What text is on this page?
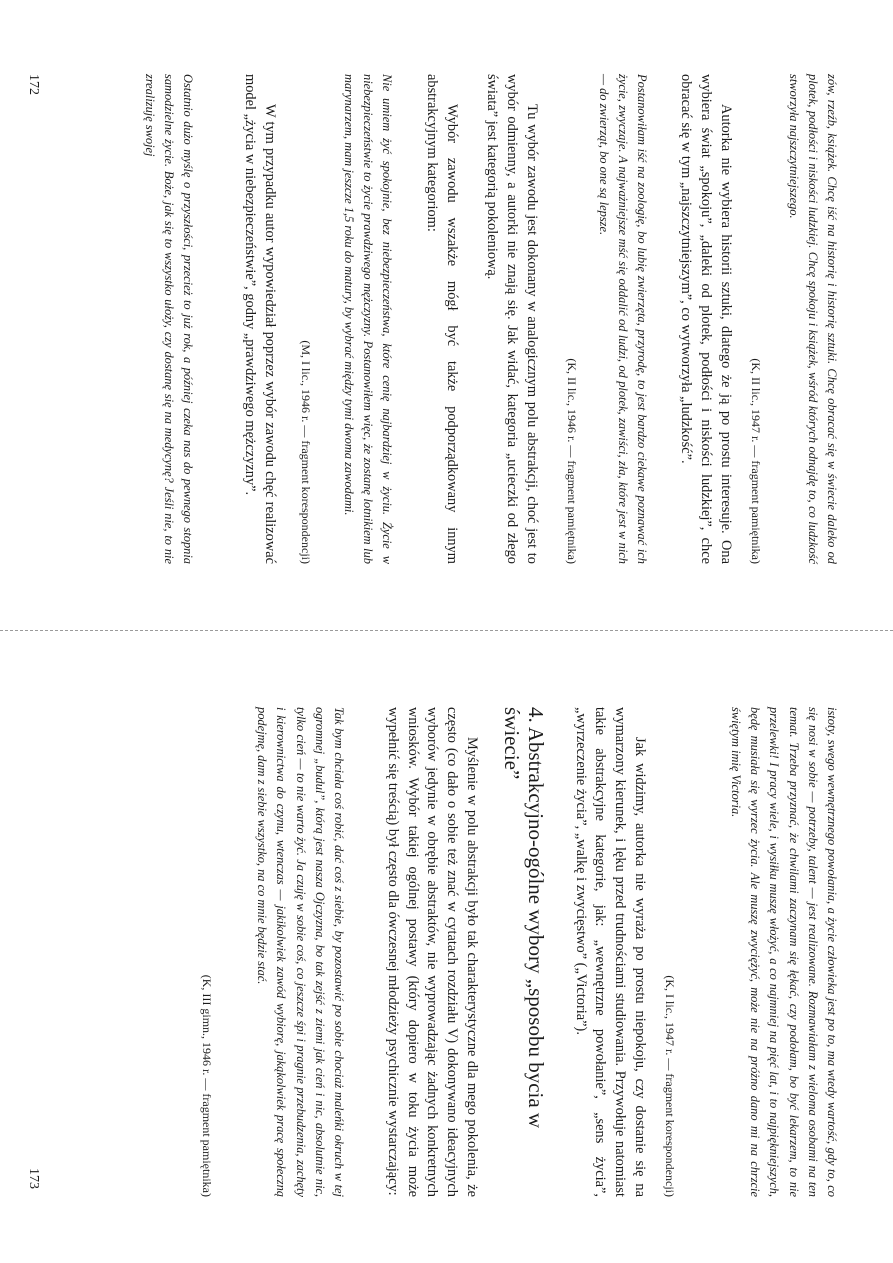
zów, rzeźb, książek. Chcę iść na historię i historię sztuki. Chcę obracać się w świecie daleko od plotek, podłości i niskości ludzkiej. Chcę spokoju i książek, wśród których odnajdę to, co ludzkość stworzyła najszczytniejszego.

(K, II lic., 1947 r. — fragment pamiętnika)

Autorka nie wybiera historii sztuki, dlatego że ją po prostu interesuje. Ona wybiera świat „spokoju”, „daleki od plotek, podłości i niskości ludzkiej”, chce obracać się w tym „najszczytniejszym”, co wytworzyła „ludzkość”.

Postanowiłam iść na zoologię, bo lubię zwierzęta, przyrodę, to jest bardzo ciekawe poznawać ich życie, zwyczaje. A najważniejsze mść się oddalić od ludzi, od plotek, zawiści, zła, które jest w nich — do zwierząt, bo one są lepsze.

(K, II lic., 1946 r. — fragment pamiętnika)

Tu wybór zawodu jest dokonany w analogicznym polu abstrakcji, choć jest to wybór odmienny, a autorki nie znają się. Jak widać, kategoria „ucieczki od złego świata” jest kategorią pokoleniową.

Wybór zawodu wszakże mógł być także podporządkowany innym abstrakcyjnym kategoriom:

Nie umiem żyć spokojnie, bez niebezpieczeństwa, które cenię najbardziej w życiu. Życie w niebezpieczeństwie to życie prawdziwego mężczyzny. Postanowiłem więc, że zostanę lotnikiem lub marynarzem, mam jeszcze 1,5 roku do matury, by wybrać między tymi dwoma zawodami.

(M, I lic., 1946 r. — fragment korespondencji)

W tym przypadku autor wypowiedział poprzez wybór zawodu chęć realizować model „życia w niebezpieczeństwie”, godny „prawdziwego mężczyzny”.

Ostatnio dużo myślę o przyszłości, przecież to już rok, a później czeka nas do pewnego stopnia samodzielne życie. Boże, jak się to wszystko ułoży, czy dostanę się na medycynę? Jeśli nie, to nie zrealizuję swojej

172

istoty, swego wewnętrznego powołania, a życie człowieka jest po to, ma wtedy wartość, gdy to, co się nosi w sobie — potrzeby, talent — jest realizowane. Rozmawiałam z wieloma osobami na ten temat. Trzeba przyznać, że chwilami zaczynam się łękać, czy podołam, bo być lekarzem, to nie przelewki! I pracy wiele, i wysiłku muszę włożyć, a co najmniej na pięć lat, i to najpiękniejszych, będę musiała się wyrzec życia. Ale muszę zwyciężyć, może nie na próżno dano mi na chrzcie świętym imię Victoria.

(K, I lic., 1947 r. — fragment korespondencji)

Jak widzimy, autorka nie wyraża po prostu niepokoju, czy dostanie się na wymarzony kierunek, i lęku przed trudnościami studiowania. Przywołuje natomiast takie abstrakcyjne kategorie, jak: „wewnętrzne powołanie”, „sens życia”, „wyrzeczenie życia”, „walkę i zwycięstwo” („Victoria”).

4. Abstrakcyjno-ogólne wybory „sposobu bycia w świecie”

Myślenie w polu abstrakcji było tak charakterystyczne dla mego pokolenia, że często (co dało o sobie też znać w cytatach rozdziału V) dokonywano ideacyjnych wyborów jedynie w obrębie abstraktów, nie wyprowadzając żadnych konkretnych wniosków. Wybór takiej ogólnej postawy (który dopiero w toku życia może wypełnić się treścią) był często dla ówczesnej młodzieży psychicznie wystarczający:

Tak bym chciała coś robić, dać coś z siebie, by pozostawić po sobie chociaż maleńki okruch w tej ogromnej „budul”, którą jest nasza Ojczyzna, bo tak zejść z ziemi jak cień i nic, absolutnie nic, tylko cień — to nie warto żyć. Ja czuję w sobie coś, co jeszcze śpi i pragnie przebudzenia, zachęty i kierownictwa do czynu, wtenczas — jakikolwiek zawód wybiorę, jakąkolwiek pracę społeczną podejmę, dam z siebie wszystko, na co mnie będzie stać.

(K, III gimn., 1946 r. — fragment pamiętnika)

173
